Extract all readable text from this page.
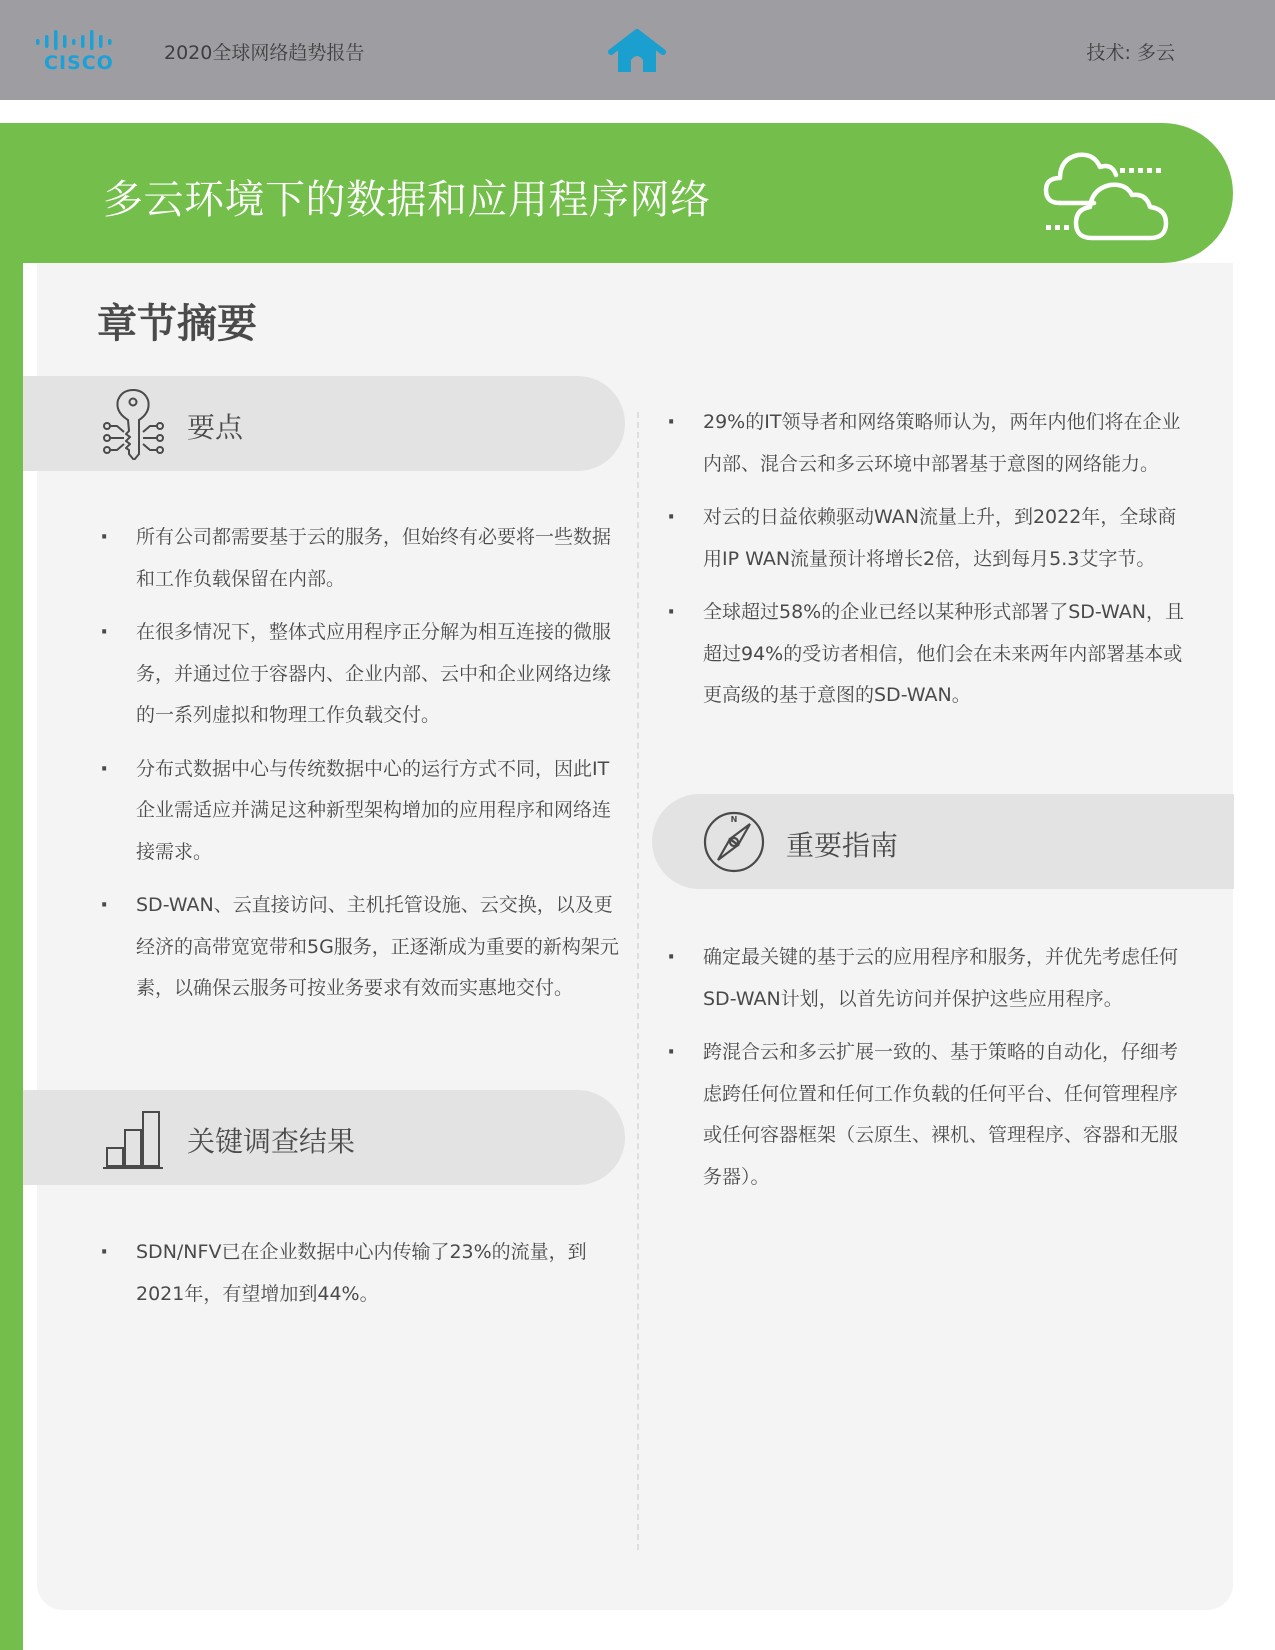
CISCO	2020全球网络趋势报告	技术: 多云
多云环境下的数据和应用程序网络
章节摘要
要点
· 所有公司都需要基于云的服务，但始终有必要将一些数据和工作负载保留在内部。
· 在很多情况下，整体式应用程序正分解为相互连接的微服务，并通过位于容器内、企业内部、云中和企业网络边缘的一系列虚拟和物理工作负载交付。
· 分布式数据中心与传统数据中心的运行方式不同，因此IT企业需适应并满足这种新型架构增加的应用程序和网络连接需求。
· SD-WAN、云直接访问、主机托管设施、云交换，以及更经济的高带宽宽带和5G服务，正逐渐成为重要的新构架元素，以确保云服务可按业务要求有效而实惠地交付。
关键调查结果
· SDN/NFV已在企业数据中心内传输了23%的流量，到2021年，有望增加到44%。
· 29%的IT领导者和网络策略师认为，两年内他们将在企业内部、混合云和多云环境中部署基于意图的网络能力。
· 对云的日益依赖驱动WAN流量上升，到2022年，全球商用IP WAN流量预计将增长2倍，达到每月5.3艾字节。
· 全球超过58%的企业已经以某种形式部署了SD-WAN，且超过94%的受访者相信，他们会在未来两年内部署基本或更高级的基于意图的SD-WAN。
N
重要指南
· 确定最关键的基于云的应用程序和服务，并优先考虑任何SD-WAN计划，以首先访问并保护这些应用程序。
· 跨混合云和多云扩展一致的、基于策略的自动化，仔细考虑跨任何位置和任何工作负载的任何平台、任何管理程序或任何容器框架（云原生、裸机、管理程序、容器和无服务器）。
